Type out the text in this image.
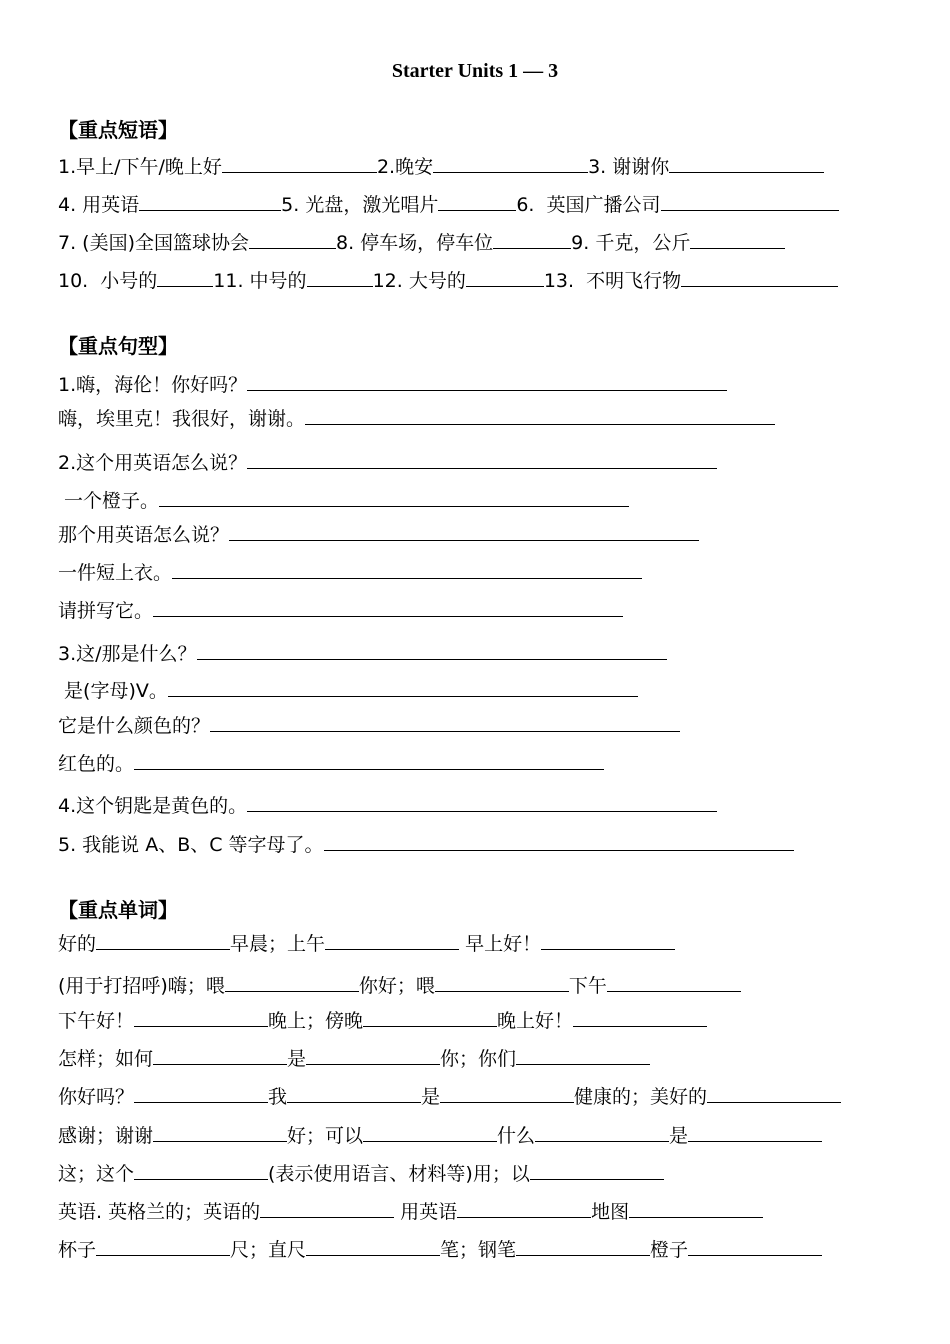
Starter Units 1 — 3
【重点短语】
1.早上/下午/晚上好	2.晚安	3. 谢谢你
4. 用英语	5. 光盘，激光唱片	6.  英国广播公司
7. (美国)全国篮球协会	8. 停车场，停车位	9. 千克，公斤
10.  小号的	11. 中号的	12. 大号的	13.  不明飞行物
【重点句型】
1.嗨，海伦！你好吗？
嗨，埃里克！我很好，谢谢。
2.这个用英语怎么说？
一个橙子。
那个用英语怎么说？
一件短上衣。
请拼写它。
3.这/那是什么？
是(字母)V。
它是什么颜色的？
红色的。
4.这个钥匙是黄色的。
5. 我能说 A、B、C 等字母了。
【重点单词】
好的	早晨；上午	早上好！
(用于打招呼)嗨；喂	你好；喂	下午
下午好！	晚上；傍晚	晚上好！
怎样；如何	是	你；你们
你好吗？	我	是	健康的；美好的
感谢；谢谢	好；可以	什么	是
这；这个	(表示使用语言、材料等)用；以
英语. 英格兰的；英语的	用英语	地图
杯子	尺；直尺	笔；钢笔	橙子
